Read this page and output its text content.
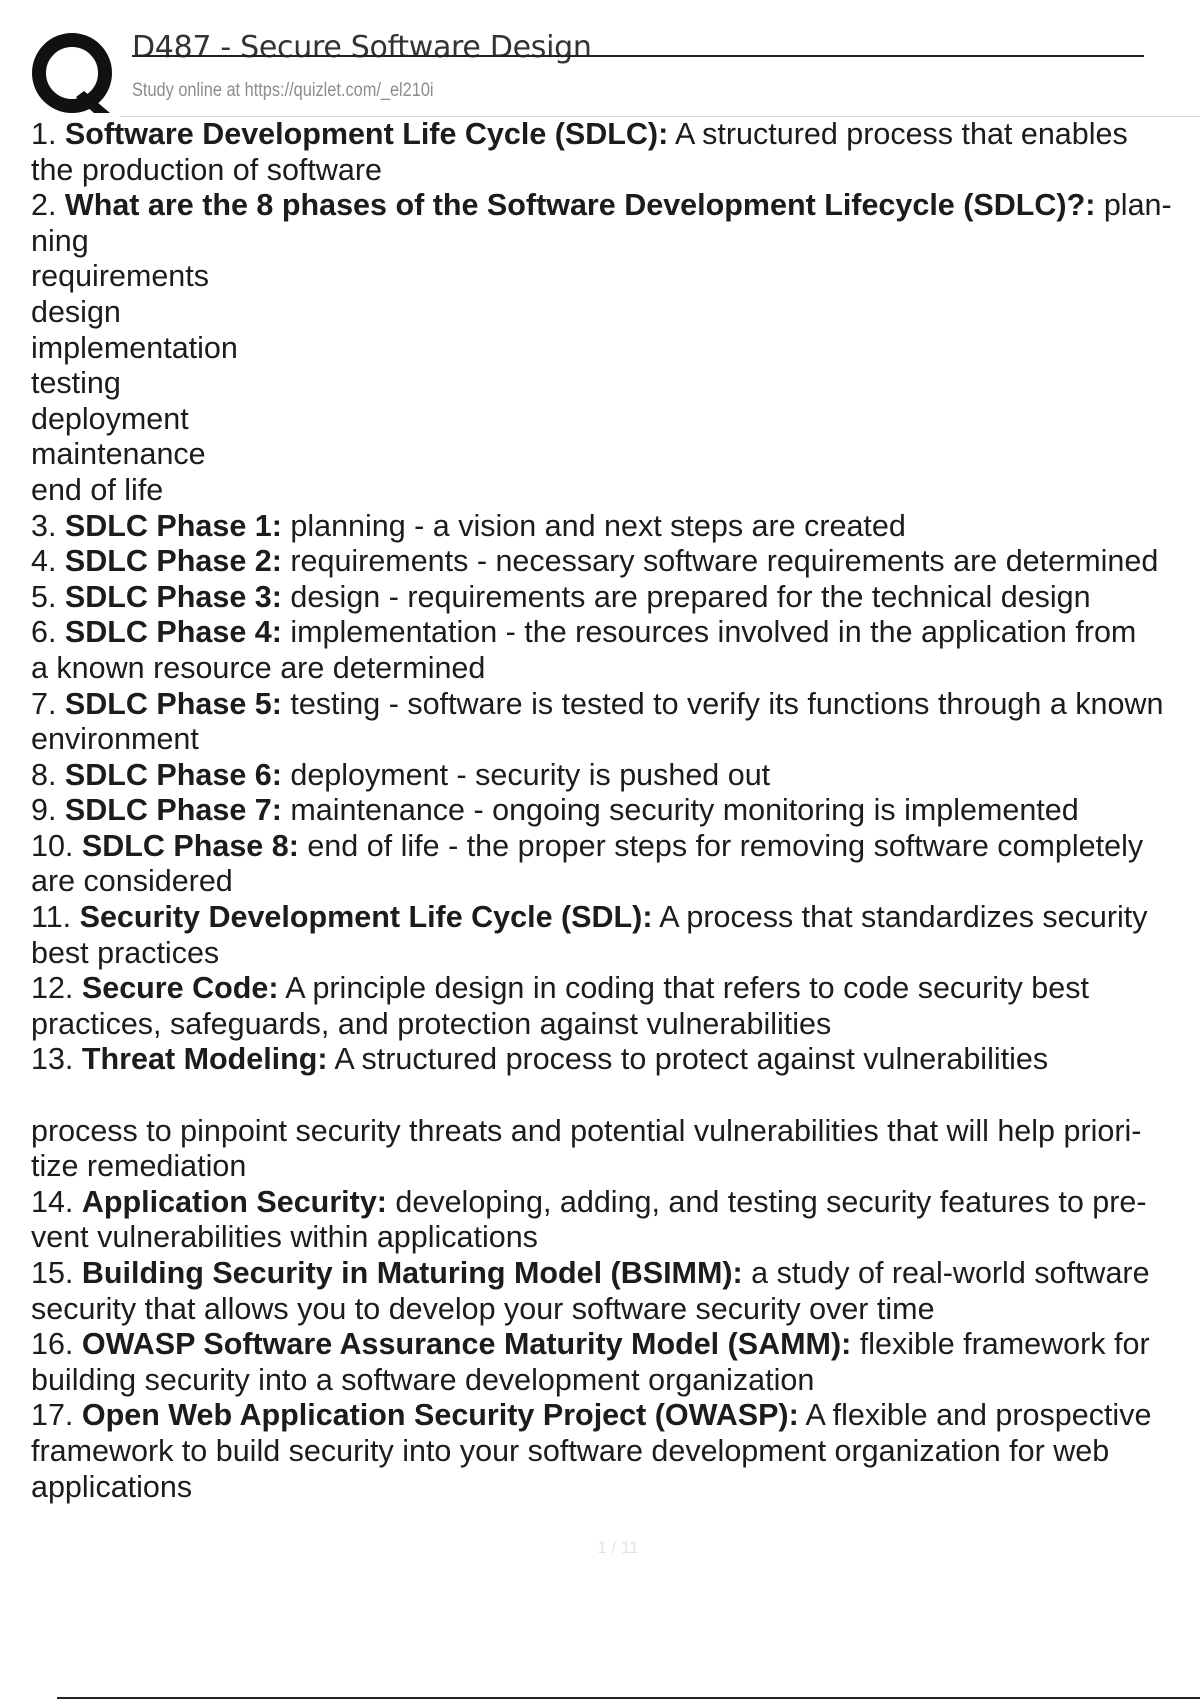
D487 - Secure Software Design
Study online at https://quizlet.com/_el210i
1. Software Development Life Cycle (SDLC): A structured process that enables
the production of software
2. What are the 8 phases of the Software Development Lifecycle (SDLC)?: plan-
ning
requirements
design
implementation
testing
deployment
maintenance
end of life
3. SDLC Phase 1: planning - a vision and next steps are created
4. SDLC Phase 2: requirements - necessary software requirements are determined
5. SDLC Phase 3: design - requirements are prepared for the technical design
6. SDLC Phase 4: implementation - the resources involved in the application from
a known resource are determined
7. SDLC Phase 5: testing - software is tested to verify its functions through a known
environment
8. SDLC Phase 6: deployment - security is pushed out
9. SDLC Phase 7: maintenance - ongoing security monitoring is implemented
10. SDLC Phase 8: end of life - the proper steps for removing software completely
are considered
11. Security Development Life Cycle (SDL): A process that standardizes security
best practices
12. Secure Code: A principle design in coding that refers to code security best
practices, safeguards, and protection against vulnerabilities
13. Threat Modeling: A structured process to protect against vulnerabilities
process to pinpoint security threats and potential vulnerabilities that will help priori-
tize remediation
14. Application Security: developing, adding, and testing security features to pre-
vent vulnerabilities within applications
15. Building Security in Maturing Model (BSIMM): a study of real-world software
security that allows you to develop your software security over time
16. OWASP Software Assurance Maturity Model (SAMM): flexible framework for
building security into a software development organization
17. Open Web Application Security Project (OWASP): A flexible and prospective
framework to build security into your software development organization for web
applications
1 / 11
